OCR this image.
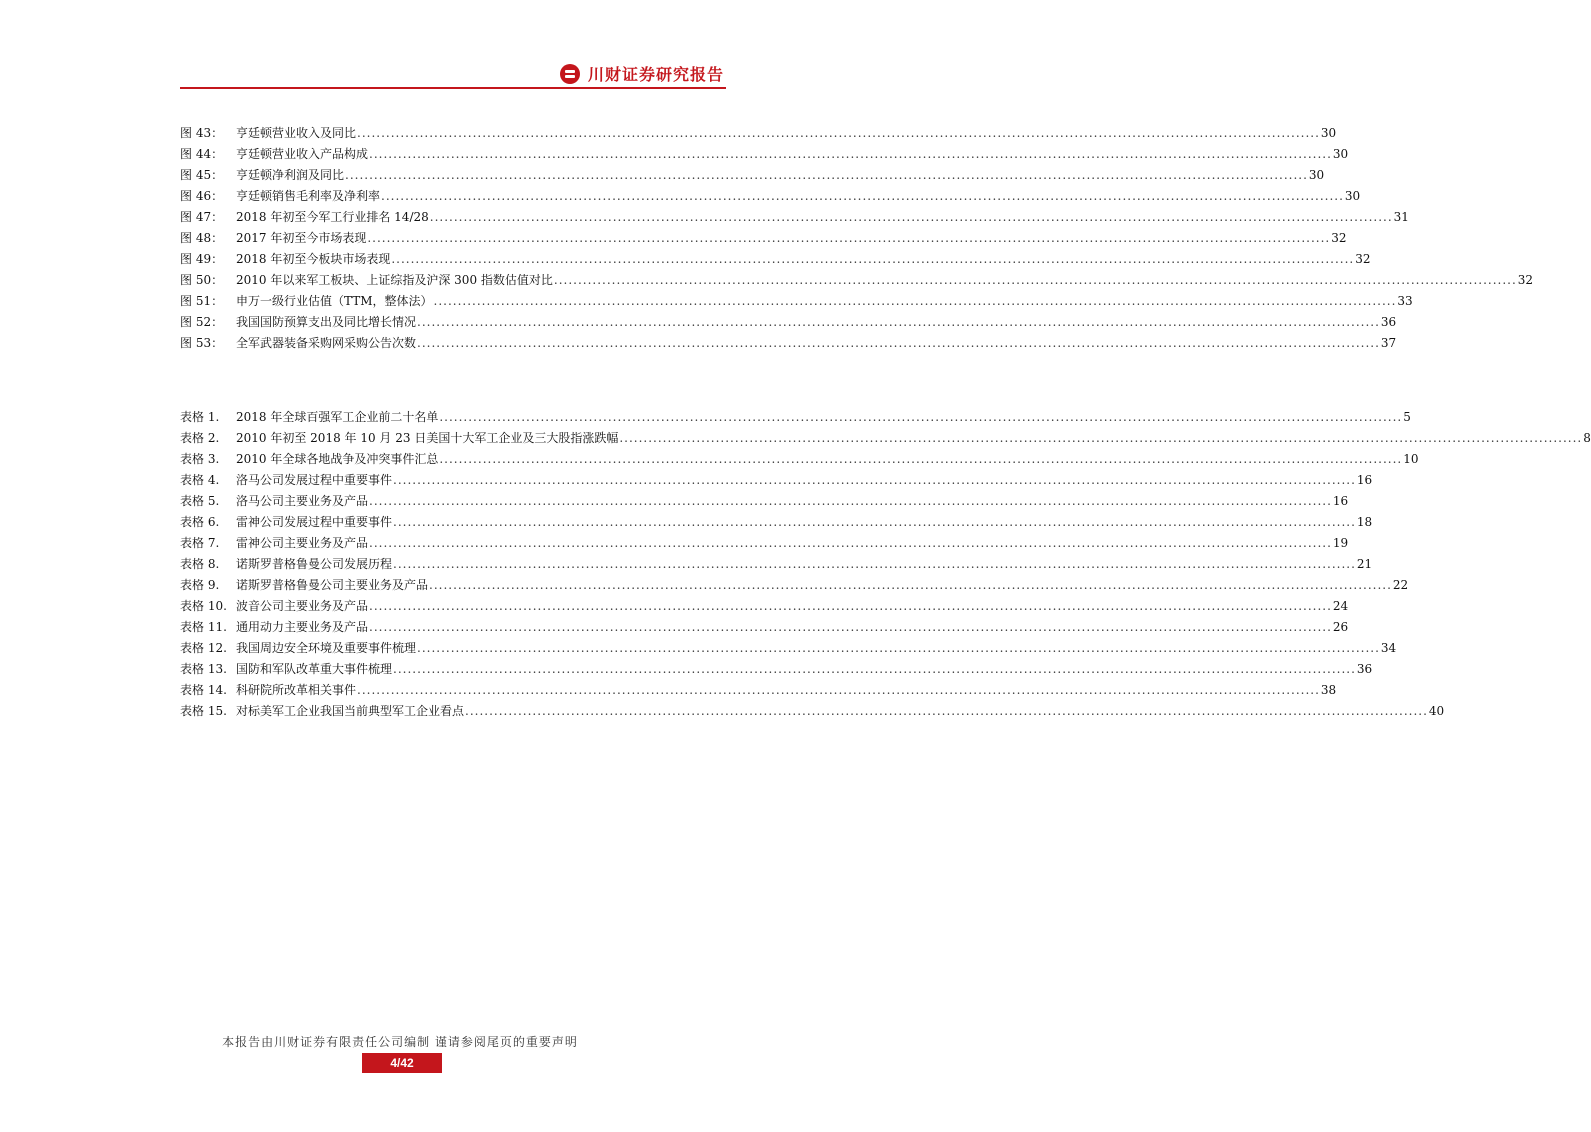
川财证券研究报告
图 43：	亨廷顿营业收入及同比 ........................................................................................................................................................................................................ 30
图 44：	亨廷顿营业收入产品构成 ........................................................................................................................................................................................................ 30
图 45：	亨廷顿净利润及同比 ........................................................................................................................................................................................................ 30
图 46：	亨廷顿销售毛利率及净利率 ........................................................................................................................................................................................................ 30
图 47：	2018 年初至今军工行业排名 14/28 ........................................................................................................................................................................................................ 31
图 48：	2017 年初至今市场表现 ........................................................................................................................................................................................................ 32
图 49：	2018 年初至今板块市场表现 ........................................................................................................................................................................................................ 32
图 50：	2010 年以来军工板块、上证综指及沪深 300 指数估值对比 ........................................................................................................................................................................................................ 32
图 51：	申万一级行业估值（TTM，整体法） ........................................................................................................................................................................................................ 33
图 52：	我国国防预算支出及同比增长情况 ........................................................................................................................................................................................................ 36
图 53：	全军武器装备采购网采购公告次数 ........................................................................................................................................................................................................ 37
表格 1.	2018 年全球百强军工企业前二十名单 ........................................................................................................................................................................................................ 5
表格 2.	2010 年初至 2018 年 10 月 23 日美国十大军工企业及三大股指涨跌幅 ........................................................................................................................................................................................................ 8
表格 3.	2010 年全球各地战争及冲突事件汇总 ........................................................................................................................................................................................................ 10
表格 4.	洛马公司发展过程中重要事件 ........................................................................................................................................................................................................ 16
表格 5.	洛马公司主要业务及产品 ........................................................................................................................................................................................................ 16
表格 6.	雷神公司发展过程中重要事件 ........................................................................................................................................................................................................ 18
表格 7.	雷神公司主要业务及产品 ........................................................................................................................................................................................................ 19
表格 8.	诺斯罗普格鲁曼公司发展历程 ........................................................................................................................................................................................................ 21
表格 9.	诺斯罗普格鲁曼公司主要业务及产品 ........................................................................................................................................................................................................ 22
表格 10. 波音公司主要业务及产品 ........................................................................................................................................................................................................ 24
表格 11. 通用动力主要业务及产品 ........................................................................................................................................................................................................ 26
表格 12. 我国周边安全环境及重要事件梳理 ........................................................................................................................................................................................................ 34
表格 13. 国防和军队改革重大事件梳理 ........................................................................................................................................................................................................ 36
表格 14. 科研院所改革相关事件 ........................................................................................................................................................................................................ 38
表格 15. 对标美军工企业我国当前典型军工企业看点 ........................................................................................................................................................................................................ 40
本报告由川财证券有限责任公司编制 谨请参阅尾页的重要声明
4/42
